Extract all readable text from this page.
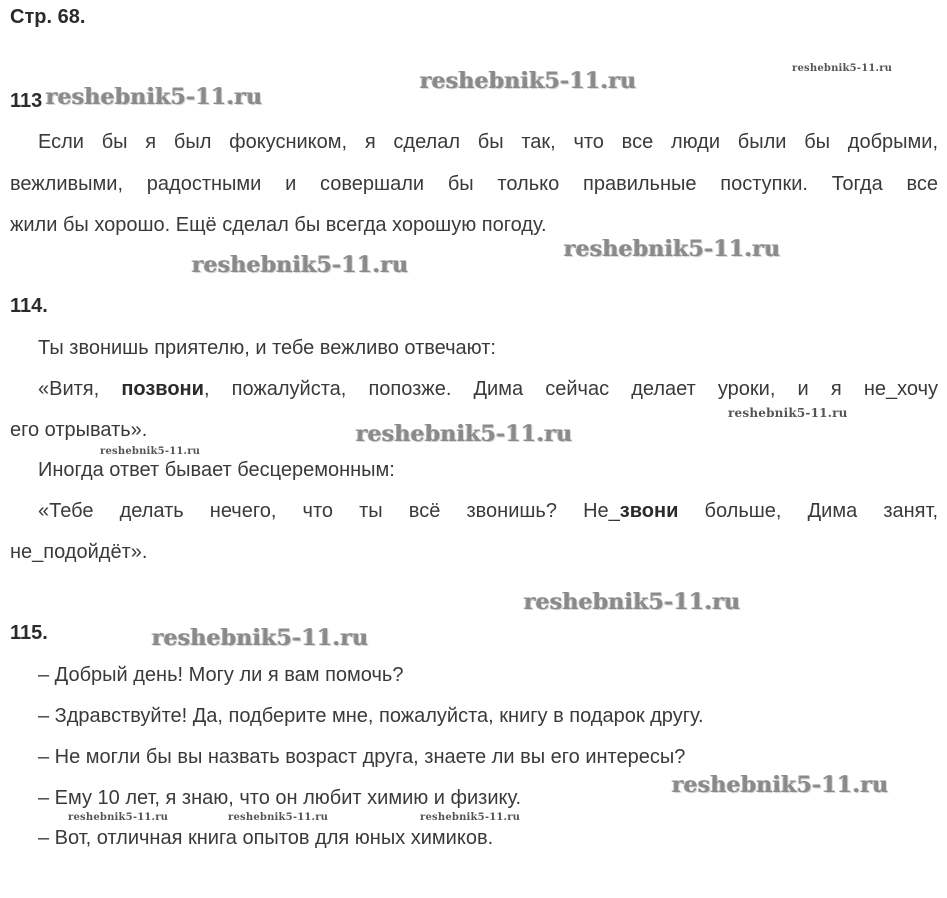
Стр. 68.
113
Если бы я был фокусником, я сделал бы так, что все люди были бы добрыми,
вежливыми, радостными и совершали бы только правильные поступки. Тогда все
жили бы хорошо. Ещё сделал бы всегда хорошую погоду.
114.
Ты звонишь приятелю, и тебе вежливо отвечают:
«Витя, позвони, пожалуйста, попозже. Дима сейчас делает уроки, и я не_хочу
его отрывать».
Иногда ответ бывает бесцеремонным:
«Тебе делать нечего, что ты всё звонишь? Не_звони больше, Дима занят,
не_подойдёт».
115.
– Добрый день! Могу ли я вам помочь?
– Здравствуйте! Да, подберите мне, пожалуйста, книгу в подарок другу.
– Не могли бы вы назвать возраст друга, знаете ли вы его интересы?
– Ему 10 лет, я знаю, что он любит химию и физику.
– Вот, отличная книга опытов для юных химиков.
reshebnik5-11.ru
reshebnik5-11.ru	reshebnik5-11.ru
reshebnik5-11.ru
reshebnik5-11.ru
reshebnik5-11.ru
reshebnik5-11.ru
reshebnik5-11.ru
reshebnik5-11.ru
reshebnik5-11.ru
reshebnik5-11.ru
reshebnik5-11.ru	reshebnik5-11.ru	reshebnik5-11.ru
